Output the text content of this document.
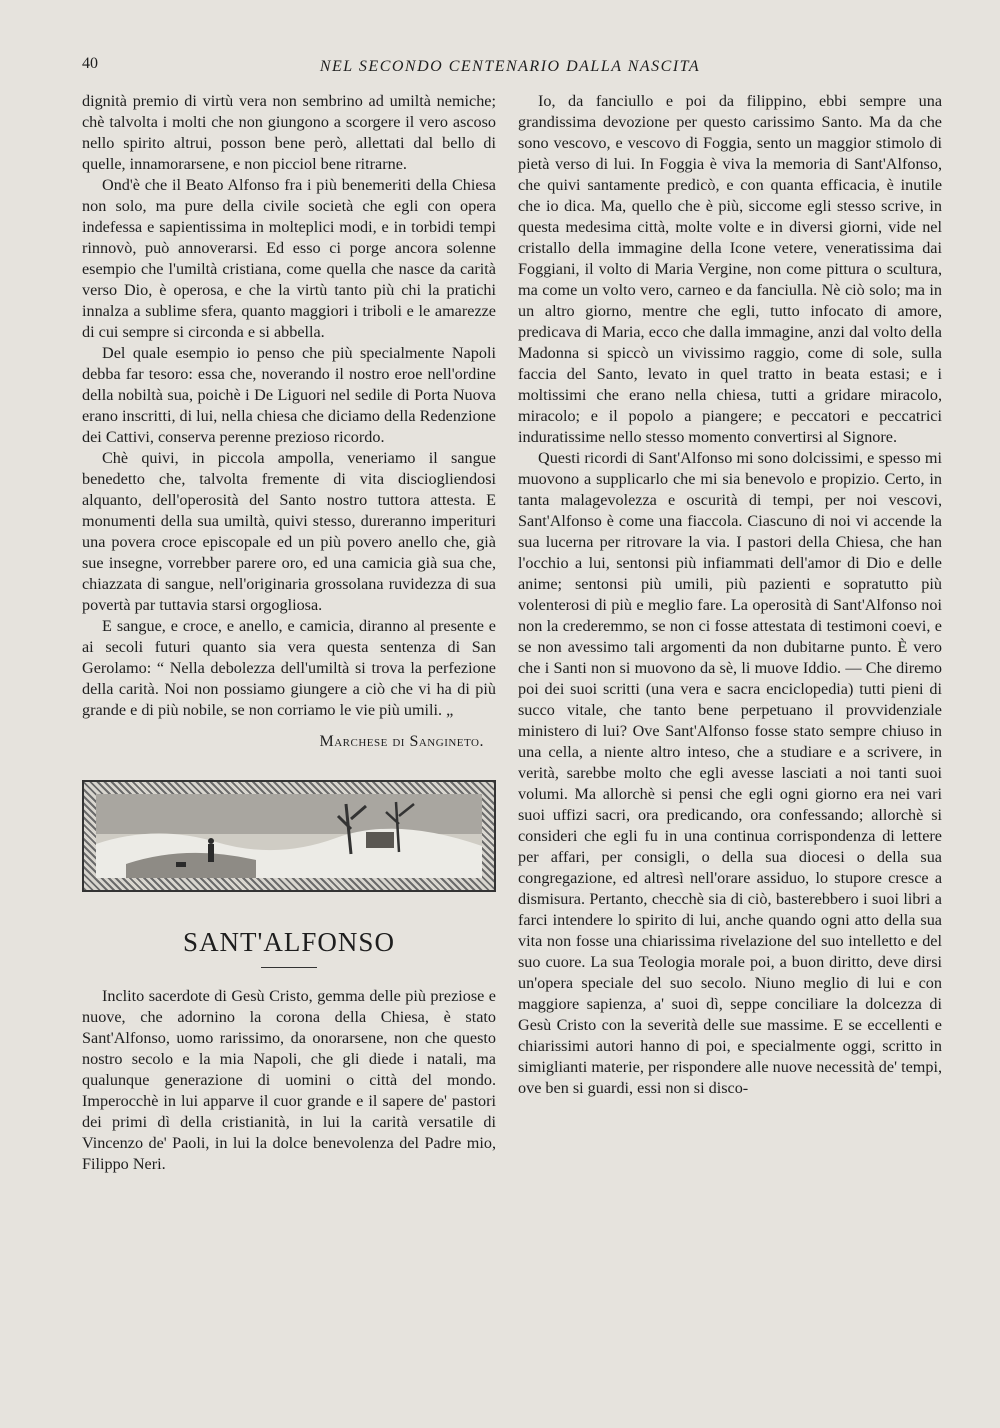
40	NEL SECONDO CENTENARIO DALLA NASCITA

dignità premio di virtù vera non sembrino ad umiltà nemiche; chè talvolta i molti che non giungono a scorgere il vero ascoso nello spirito altrui, posson bene però, allettati dal bello di quelle, innamorarsene, e non picciol bene ritrarne.

Ond'è che il Beato Alfonso fra i più benemeriti della Chiesa non solo, ma pure della civile società che egli con opera indefessa e sapientissima in molteplici modi, e in torbidi tempi rinnovò, può annoverarsi. Ed esso ci porge ancora solenne esempio che l'umiltà cristiana, come quella che nasce da carità verso Dio, è operosa, e che la virtù tanto più chi la pratichi innalza a sublime sfera, quanto maggiori i triboli e le amarezze di cui sempre si circonda e si abbella.

Del quale esempio io penso che più specialmente Napoli debba far tesoro: essa che, noverando il nostro eroe nell'ordine della nobiltà sua, poichè i De Liguori nel sedile di Porta Nuova erano inscritti, di lui, nella chiesa che diciamo della Redenzione dei Cattivi, conserva perenne prezioso ricordo.

Chè quivi, in piccola ampolla, veneriamo il sangue benedetto che, talvolta fremente di vita disciogliendosi alquanto, dell'operosità del Santo nostro tuttora attesta. E monumenti della sua umiltà, quivi stesso, dureranno imperituri una povera croce episcopale ed un più povero anello che, già sue insegne, vorrebber parere oro, ed una camicia già sua che, chiazzata di sangue, nell'originaria grossolana ruvidezza di sua povertà par tuttavia starsi orgogliosa.

E sangue, e croce, e anello, e camicia, diranno al presente e ai secoli futuri quanto sia vera questa sentenza di San Gerolamo: “ Nella debolezza dell'umiltà si trova la perfezione della carità. Noi non possiamo giungere a ciò che vi ha di più grande e di più nobile, se non corriamo le vie più umili. „

Marchese di Sangineto.
SANT'ALFONSO

Inclito sacerdote di Gesù Cristo, gemma delle più preziose e nuove, che adornino la corona della Chiesa, è stato Sant'Alfonso, uomo rarissimo, da onorarsene, non che questo nostro secolo e la mia Napoli, che gli diede i natali, ma qualunque generazione di uomini o città del mondo. Imperocchè in lui apparve il cuor grande e il sapere de' pastori dei primi dì della cristianità, in lui la carità versatile di Vincenzo de' Paoli, in lui la dolce benevolenza del Padre mio, Filippo Neri.

Io, da fanciullo e poi da filippino, ebbi sempre una grandissima devozione per questo carissimo Santo. Ma da che sono vescovo, e vescovo di Foggia, sento un maggior stimolo di pietà verso di lui. In Foggia è viva la memoria di Sant'Alfonso, che quivi santamente predicò, e con quanta efficacia, è inutile che io dica. Ma, quello che è più, siccome egli stesso scrive, in questa medesima città, molte volte e in diversi giorni, vide nel cristallo della immagine della Icone vetere, veneratissima dai Foggiani, il volto di Maria Vergine, non come pittura o scultura, ma come un volto vero, carneo e da fanciulla. Nè ciò solo; ma in un altro giorno, mentre che egli, tutto infocato di amore, predicava di Maria, ecco che dalla immagine, anzi dal volto della Madonna si spiccò un vivissimo raggio, come di sole, sulla faccia del Santo, levato in quel tratto in beata estasi; e i moltissimi che erano nella chiesa, tutti a gridare miracolo, miracolo; e il popolo a piangere; e peccatori e peccatrici induratissime nello stesso momento convertirsi al Signore.

Questi ricordi di Sant'Alfonso mi sono dolcissimi, e spesso mi muovono a supplicarlo che mi sia benevolo e propizio. Certo, in tanta malagevolezza e oscurità di tempi, per noi vescovi, Sant'Alfonso è come una fiaccola. Ciascuno di noi vi accende la sua lucerna per ritrovare la via. I pastori della Chiesa, che han l'occhio a lui, sentonsi più infiammati dell'amor di Dio e delle anime; sentonsi più umili, più pazienti e sopratutto più volenterosi di più e meglio fare. La operosità di Sant'Alfonso noi non la crederemmo, se non ci fosse attestata di testimoni coevi, e se non avessimo tali argomenti da non dubitarne punto. È vero che i Santi non si muovono da sè, li muove Iddio. — Che diremo poi dei suoi scritti (una vera e sacra enciclopedia) tutti pieni di succo vitale, che tanto bene perpetuano il provvidenziale ministero di lui? Ove Sant'Alfonso fosse stato sempre chiuso in una cella, a niente altro inteso, che a studiare e a scrivere, in verità, sarebbe molto che egli avesse lasciati a noi tanti suoi volumi. Ma allorchè si pensi che egli ogni giorno era nei vari suoi uffizi sacri, ora predicando, ora confessando; allorchè si consideri che egli fu in una continua corrispondenza di lettere per affari, per consigli, o della sua diocesi o della sua congregazione, ed altresì nell'orare assiduo, lo stupore cresce a dismisura. Pertanto, checchè sia di ciò, basterebbero i suoi libri a farci intendere lo spirito di lui, anche quando ogni atto della sua vita non fosse una chiarissima rivelazione del suo intelletto e del suo cuore. La sua Teologia morale poi, a buon diritto, deve dirsi un'opera speciale del suo secolo. Niuno meglio di lui e con maggiore sapienza, a' suoi dì, seppe conciliare la dolcezza di Gesù Cristo con la severità delle sue massime. E se eccellenti e chiarissimi autori hanno di poi, e specialmente oggi, scritto in simiglianti materie, per rispondere alle nuove necessità de' tempi, ove ben si guardi, essi non si disco-
